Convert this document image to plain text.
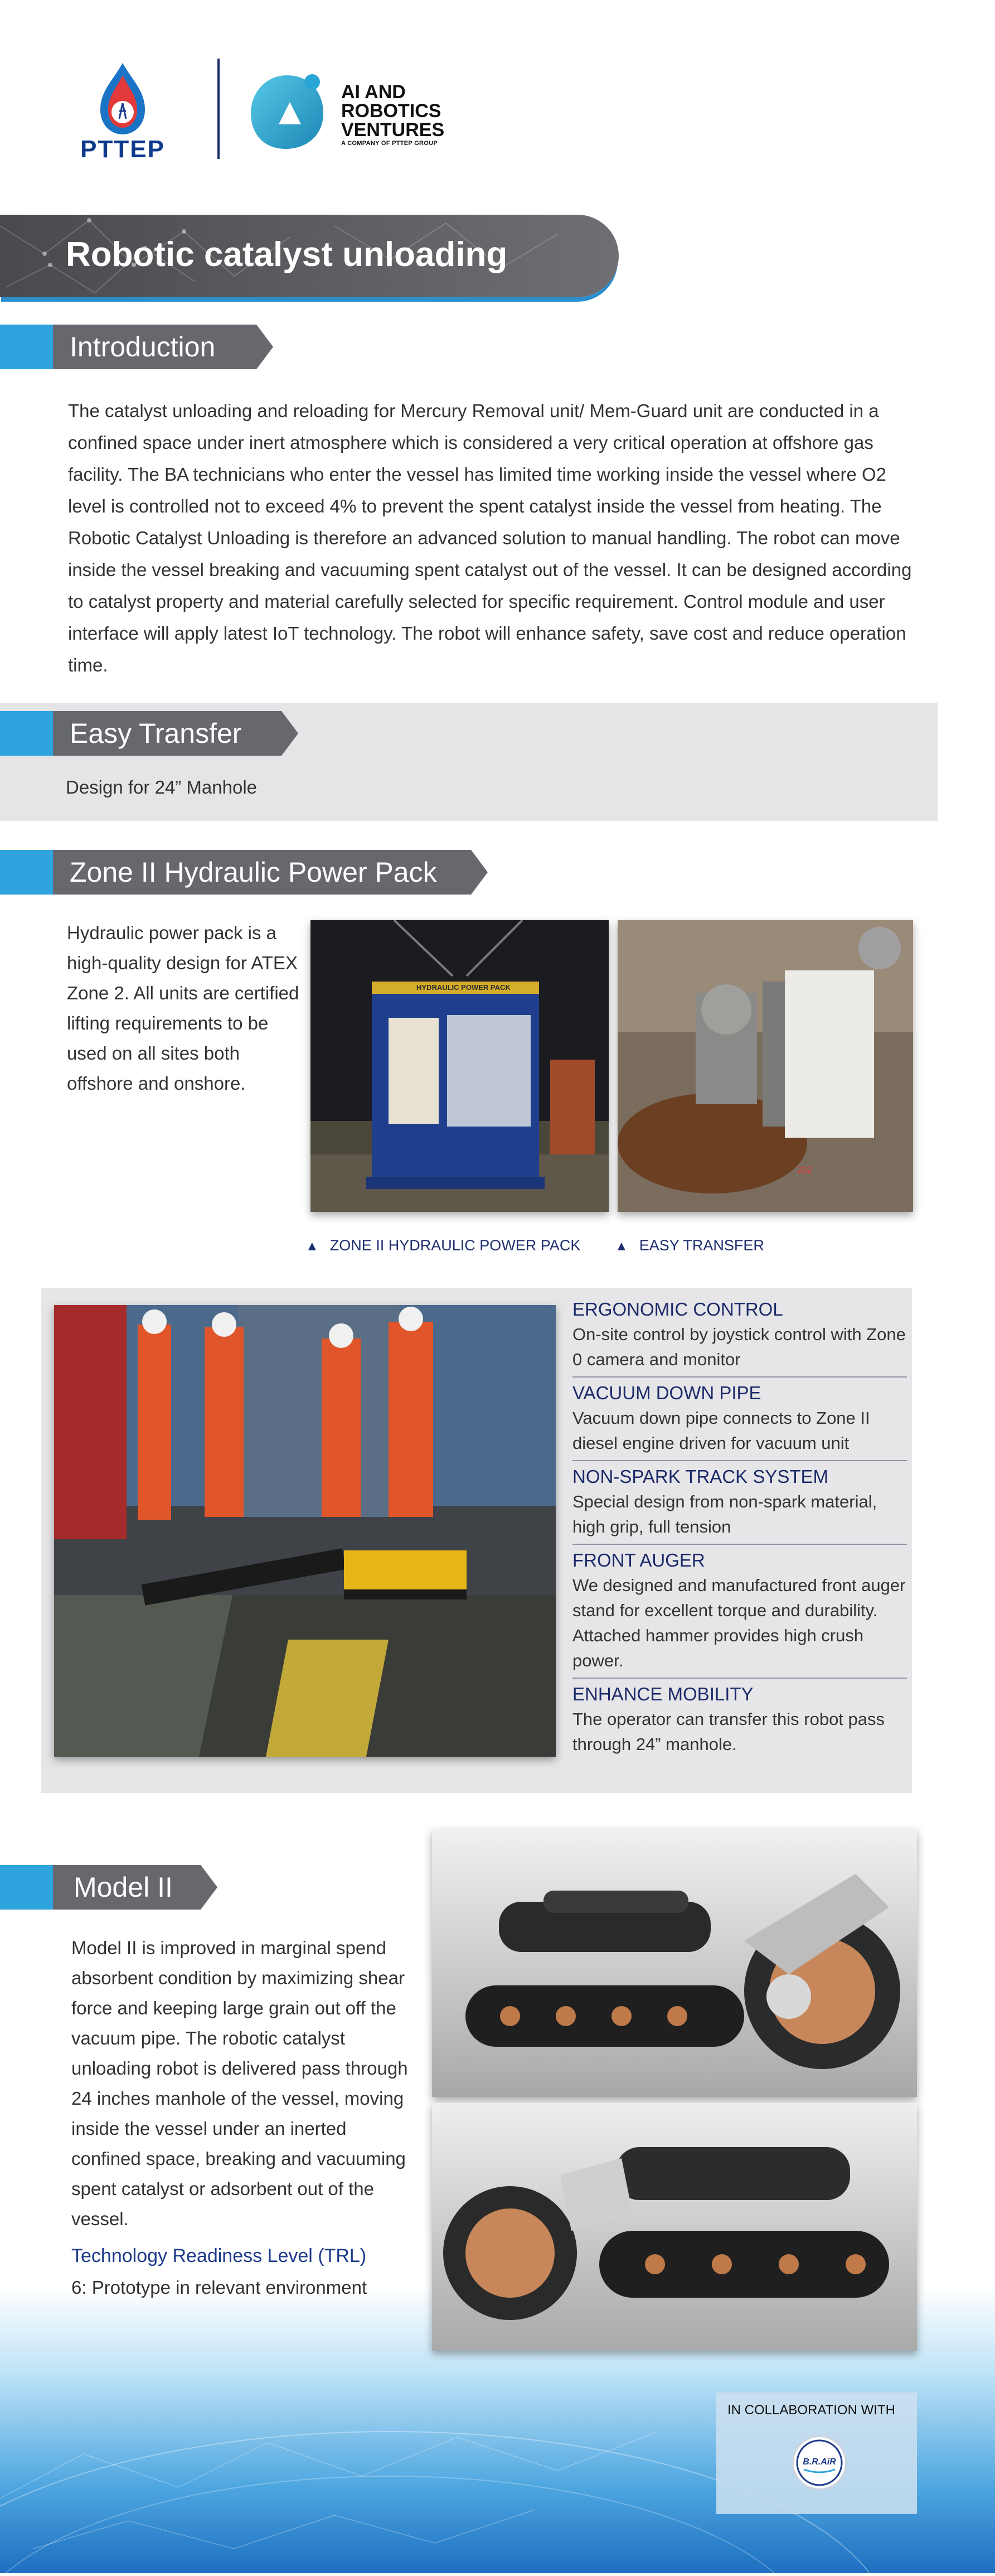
PTTEP
AI AND
ROBOTICS
VENTURES
A COMPANY OF PTTEP GROUP
Robotic catalyst unloading
Introduction
The catalyst unloading and reloading for Mercury Removal unit/ Mem-Guard unit are conducted in a confined space under inert atmosphere which is considered a very critical operation at offshore gas facility. The BA technicians who enter the vessel has limited time working inside the vessel where O2 level is controlled not to exceed 4% to prevent the spent catalyst inside the vessel from heating. The Robotic Catalyst Unloading is therefore an advanced solution to manual handling. The robot can move inside the vessel breaking and vacuuming spent catalyst out of the vessel. It can be designed according to catalyst property and material carefully selected for specific requirement. Control module and user interface will apply latest IoT technology. The robot will enhance safety, save cost and reduce operation time.
Easy Transfer
Design for 24” Manhole
Zone II Hydraulic Power Pack
Hydraulic power pack is a high-quality design for ATEX Zone 2. All units are certified lifting requirements to be used on all sites both offshore and onshore.
HYDRAULIC POWER PACK
202
▲ ZONE II HYDRAULIC POWER PACK	▲ EASY TRANSFER
ERGONOMIC CONTROL
On-site control by joystick control with Zone 0 camera and monitor
VACUUM DOWN PIPE
Vacuum down pipe connects to Zone II diesel engine driven for vacuum unit
NON-SPARK TRACK SYSTEM
Special design from non-spark material, high grip, full tension
FRONT AUGER
We designed and manufactured front auger stand for excellent torque and durability. Attached hammer provides high crush power.
ENHANCE MOBILITY
The operator can transfer this robot pass through 24” manhole.
Model II
Model II is improved in marginal spend absorbent condition by maximizing shear force and keeping large grain out off the vacuum pipe. The robotic catalyst unloading robot is delivered pass through 24 inches manhole of the vessel, moving inside the vessel under an inerted confined space, breaking and vacuuming spent catalyst or adsorbent out of the vessel.
Technology Readiness Level (TRL)
6: Prototype in relevant environment
IN COLLABORATION WITH
B.R.AiR
